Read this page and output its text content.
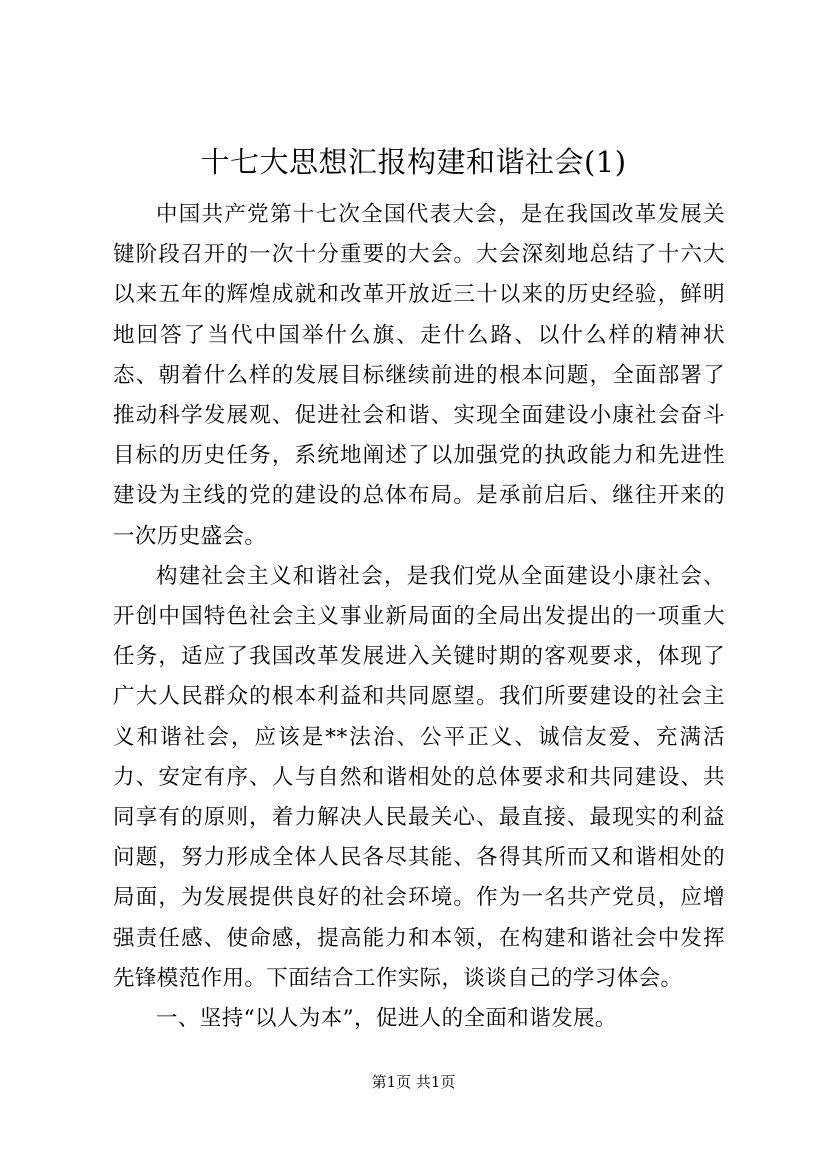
十七大思想汇报构建和谐社会(1)

中国共产党第十七次全国代表大会，是在我国改革发展关键阶段召开的一次十分重要的大会。大会深刻地总结了十六大以来五年的辉煌成就和改革开放近三十以来的历史经验，鲜明地回答了当代中国举什么旗、走什么路、以什么样的精神状态、朝着什么样的发展目标继续前进的根本问题，全面部署了推动科学发展观、促进社会和谐、实现全面建设小康社会奋斗目标的历史任务，系统地阐述了以加强党的执政能力和先进性建设为主线的党的建设的总体布局。是承前启后、继往开来的一次历史盛会。

构建社会主义和谐社会，是我们党从全面建设小康社会、开创中国特色社会主义事业新局面的全局出发提出的一项重大任务，适应了我国改革发展进入关键时期的客观要求，体现了广大人民群众的根本利益和共同愿望。我们所要建设的社会主义和谐社会，应该是**法治、公平正义、诚信友爱、充满活力、安定有序、人与自然和谐相处的总体要求和共同建设、共同享有的原则，着力解决人民最关心、最直接、最现实的利益问题，努力形成全体人民各尽其能、各得其所而又和谐相处的局面，为发展提供良好的社会环境。作为一名共产党员，应增强责任感、使命感，提高能力和本领，在构建和谐社会中发挥先锋模范作用。下面结合工作实际，谈谈自己的学习体会。

一、坚持“以人为本”，促进人的全面和谐发展。

第1页 共1页
